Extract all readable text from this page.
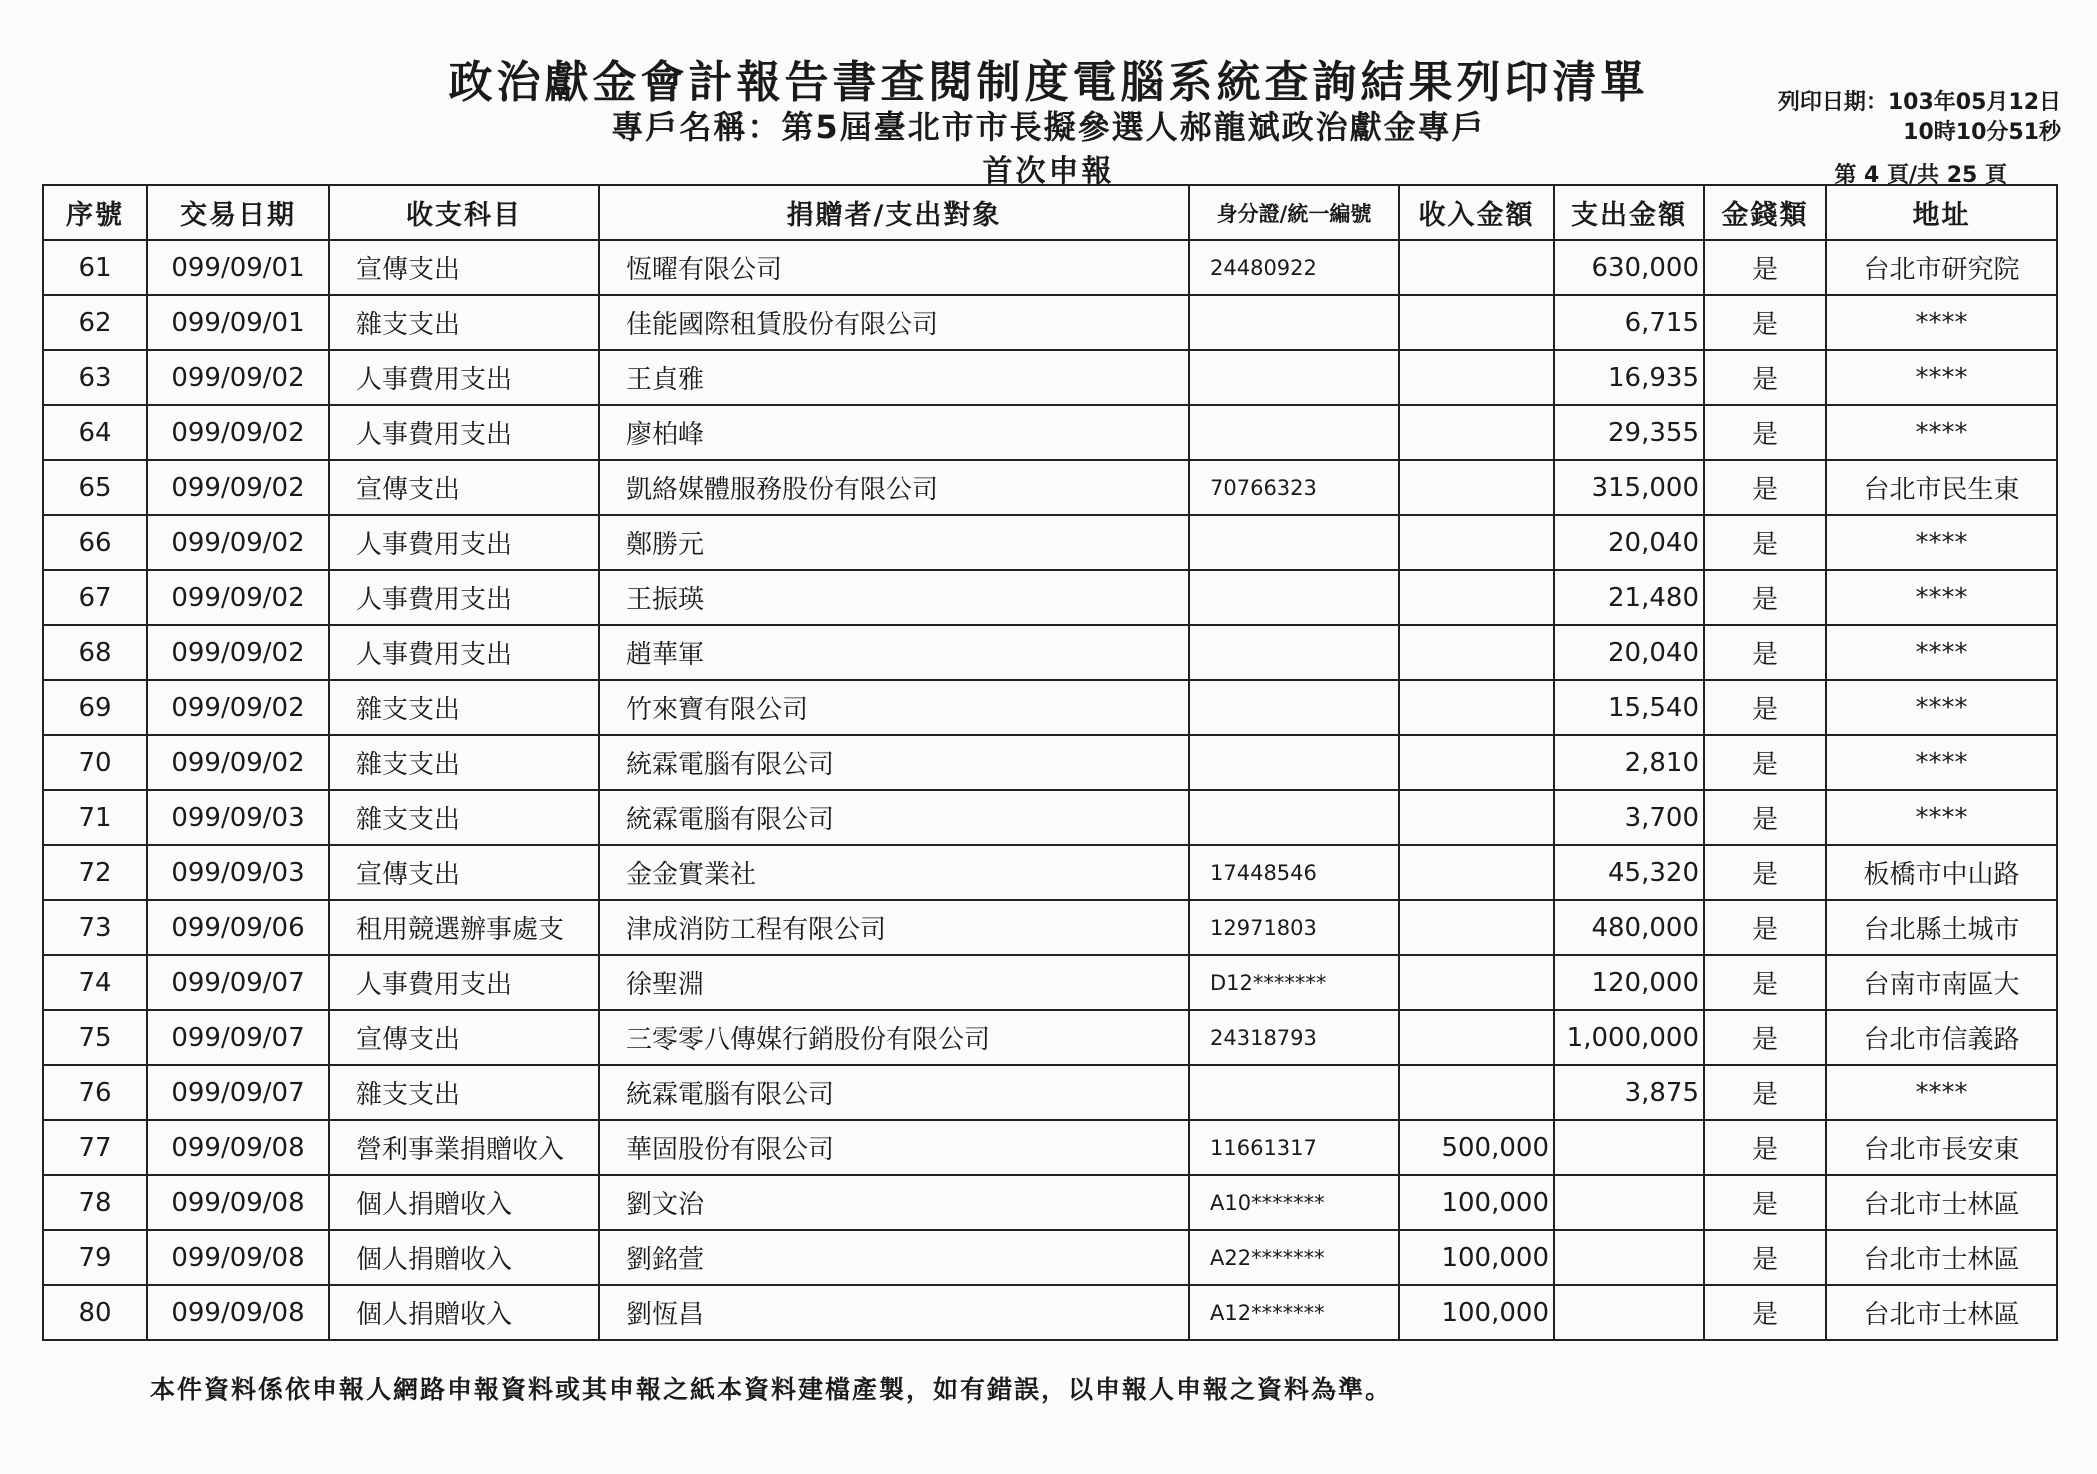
政治獻金會計報告書查閱制度電腦系統查詢結果列印清單
專戶名稱：第5屆臺北市市長擬參選人郝龍斌政治獻金專戶
首次申報
列印日期：103年05月12日
10時10分51秒
第 4 頁/共 25 頁
序號	交易日期	收支科目	捐贈者/支出對象	身分證/統一編號	收入金額	支出金額	金錢類	地址
61	099/09/01	宣傳支出	恆曜有限公司	24480922		630,000	是	台北市研究院
62	099/09/01	雜支支出	佳能國際租賃股份有限公司			6,715	是	****
63	099/09/02	人事費用支出	王貞雅			16,935	是	****
64	099/09/02	人事費用支出	廖柏峰			29,355	是	****
65	099/09/02	宣傳支出	凱絡媒體服務股份有限公司	70766323		315,000	是	台北市民生東
66	099/09/02	人事費用支出	鄭勝元			20,040	是	****
67	099/09/02	人事費用支出	王振瑛			21,480	是	****
68	099/09/02	人事費用支出	趙華軍			20,040	是	****
69	099/09/02	雜支支出	竹來寶有限公司			15,540	是	****
70	099/09/02	雜支支出	統霖電腦有限公司			2,810	是	****
71	099/09/03	雜支支出	統霖電腦有限公司			3,700	是	****
72	099/09/03	宣傳支出	金金實業社	17448546		45,320	是	板橋市中山路
73	099/09/06	租用競選辦事處支	津成消防工程有限公司	12971803		480,000	是	台北縣土城市
74	099/09/07	人事費用支出	徐聖淵	D12*******		120,000	是	台南市南區大
75	099/09/07	宣傳支出	三零零八傳媒行銷股份有限公司	24318793		1,000,000	是	台北市信義路
76	099/09/07	雜支支出	統霖電腦有限公司			3,875	是	****
77	099/09/08	營利事業捐贈收入	華固股份有限公司	11661317	500,000		是	台北市長安東
78	099/09/08	個人捐贈收入	劉文治	A10*******	100,000		是	台北市士林區
79	099/09/08	個人捐贈收入	劉銘萱	A22*******	100,000		是	台北市士林區
80	099/09/08	個人捐贈收入	劉恆昌	A12*******	100,000		是	台北市士林區
本件資料係依申報人網路申報資料或其申報之紙本資料建檔產製，如有錯誤，以申報人申報之資料為準。
